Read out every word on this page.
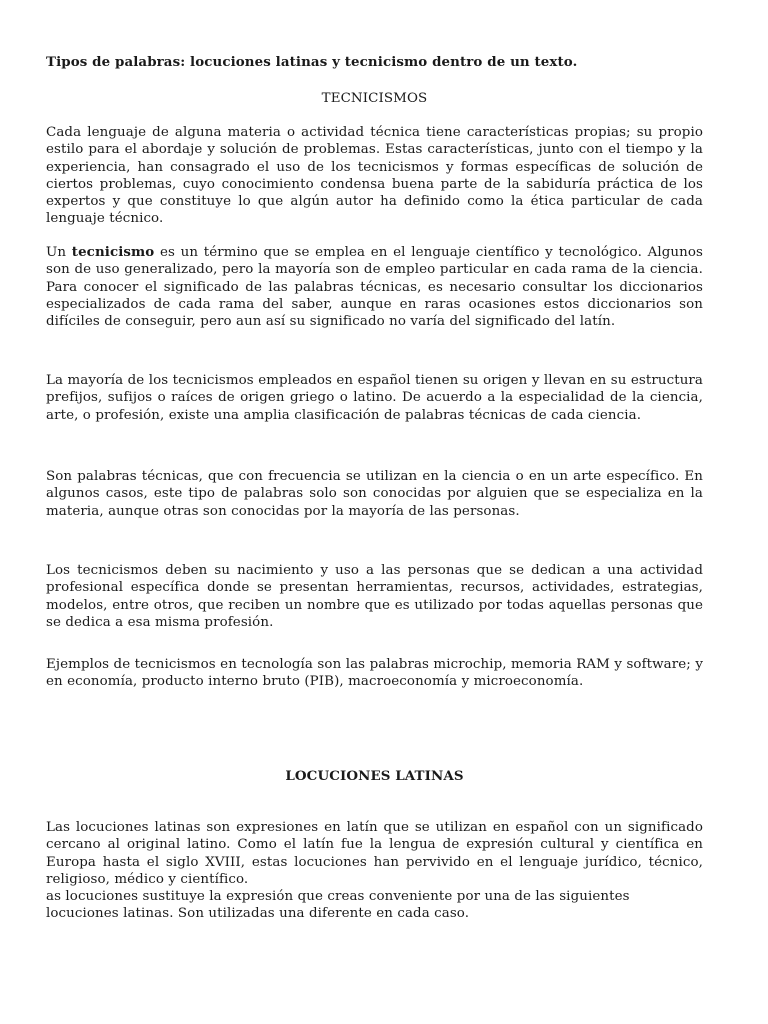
Tipos de palabras: locuciones latinas y tecnicismo dentro de un texto.

TECNICISMOS

Cada lenguaje de alguna materia o actividad técnica tiene características propias; su propio estilo para el abordaje y solución de problemas. Estas características, junto con el tiempo y la experiencia, han consagrado el uso de los tecnicismos y formas específicas de solución de ciertos problemas, cuyo conocimiento condensa buena parte de la sabiduría práctica de los expertos y que constituye lo que algún autor ha definido como la ética particular de cada lenguaje técnico.

Un tecnicismo es un término que se emplea en el lenguaje científico y tecnológico. Algunos son de uso generalizado, pero la mayoría son de empleo particular en cada rama de la ciencia. Para conocer el significado de las palabras técnicas, es necesario consultar los diccionarios especializados de cada rama del saber, aunque en raras ocasiones estos diccionarios son difíciles de conseguir, pero aun así su significado no varía del significado del latín.

La mayoría de los tecnicismos empleados en español tienen su origen y llevan en su estructura prefijos, sufijos o raíces de origen griego o latino. De acuerdo a la especialidad de la ciencia, arte, o profesión, existe una amplia clasificación de palabras técnicas de cada ciencia.

Son palabras técnicas, que con frecuencia se utilizan en la ciencia o en un arte específico. En algunos casos, este tipo de palabras solo son conocidas por alguien que se especializa en la materia, aunque otras son conocidas por la mayoría de las personas.

Los tecnicismos deben su nacimiento y uso a las personas que se dedican a una actividad profesional específica donde se presentan herramientas, recursos, actividades, estrategias, modelos, entre otros, que reciben un nombre que es utilizado por todas aquellas personas que se dedica a esa misma profesión.

Ejemplos de tecnicismos en tecnología son las palabras microchip, memoria RAM y software; y en economía, producto interno bruto (PIB), macroeconomía y microeconomía.

LOCUCIONES LATINAS

Las locuciones latinas son expresiones en latín que se utilizan en español con un significado cercano al original latino. Como el latín fue la lengua de expresión cultural y científica en Europa hasta el siglo XVIII, estas locuciones han pervivido en el lenguaje jurídico, técnico, religioso, médico y científico.

as locuciones sustituye la expresión que creas conveniente por una de las siguientes locuciones latinas. Son utilizadas una diferente en cada caso.
